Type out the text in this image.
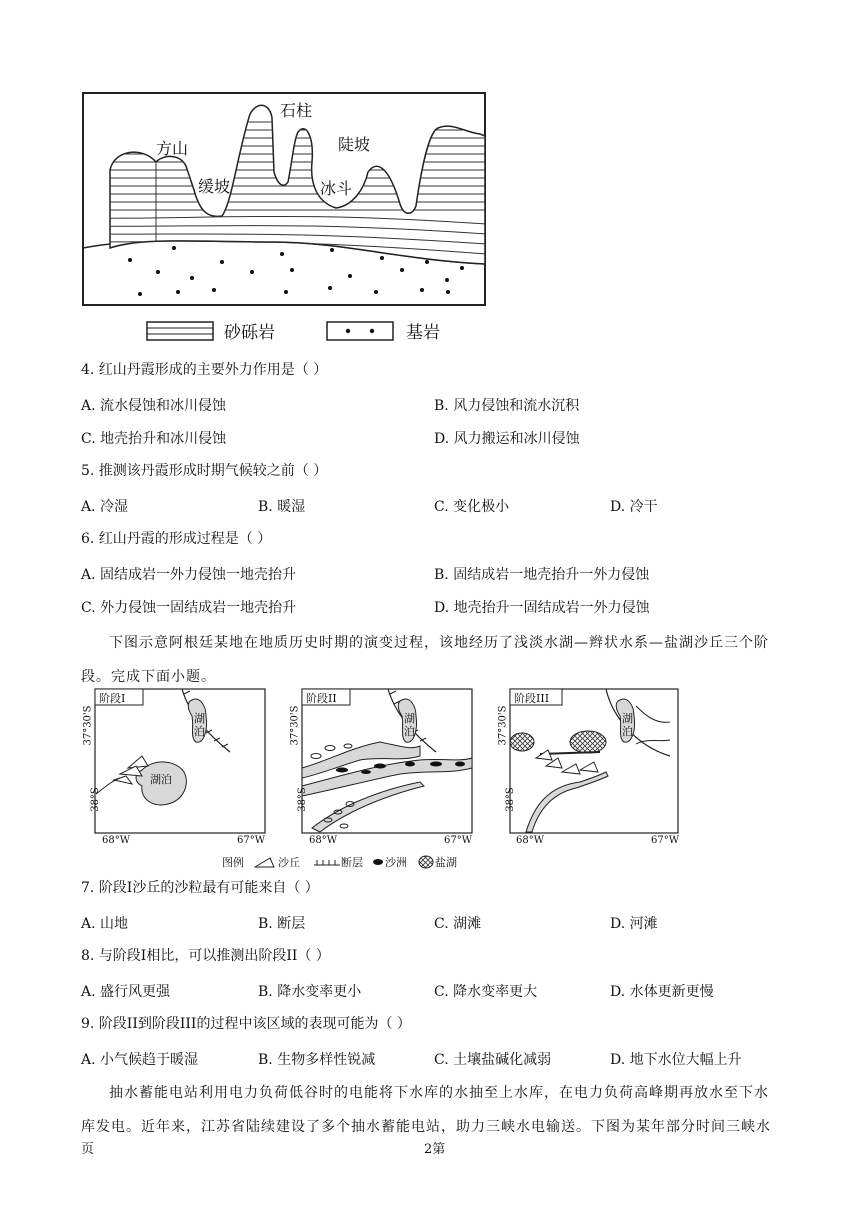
方山
缓坡
石柱
陡坡
冰斗
砂砾岩	基岩
4. 红山丹霞形成的主要外力作用是（ ）
A. 流水侵蚀和冰川侵蚀	B. 风力侵蚀和流水沉积
C. 地壳抬升和冰川侵蚀	D. 风力搬运和冰川侵蚀
5. 推测该丹霞形成时期气候较之前（ ）
A. 冷湿	B. 暖湿	C. 变化极小	D. 冷干
6. 红山丹霞的形成过程是（ ）
A. 固结成岩一外力侵蚀一地壳抬升	B. 固结成岩一地壳抬升一外力侵蚀
C. 外力侵蚀一固结成岩一地壳抬升	D. 地壳抬升一固结成岩一外力侵蚀
下图示意阿根廷某地在地质历史时期的演变过程，该地经历了浅淡水湖—辫状水系—盐湖沙丘三个阶段。完成下面小题。
阶段I	阶段II	阶段III
湖泊
湖泊
湖泊
湖泊
37°30'S
38°S
37°30'S
38°S
37°30'S
38°S
68°W	67°W	68°W	67°W	68°W	67°W
图例	沙丘	断层 沙洲	盐湖
7. 阶段I沙丘的沙粒最有可能来自（ ）
A. 山地	B. 断层	C. 湖滩	D. 河滩
8. 与阶段I相比，可以推测出阶段II（ ）
A. 盛行风更强	B. 降水变率更小	C. 降水变率更大	D. 水体更新更慢
9. 阶段II到阶段III的过程中该区域的表现可能为（ ）
A. 小气候趋于暖湿	B. 生物多样性锐减	C. 土壤盐碱化减弱	D. 地下水位大幅上升
抽水蓄能电站利用电力负荷低谷时的电能将下水库的水抽至上水库，在电力负荷高峰期再放水至下水库发电。近年来，江苏省陆续建设了多个抽水蓄能电站，助力三峡水电输送。下图为某年部分时间三峡水
页	2第
